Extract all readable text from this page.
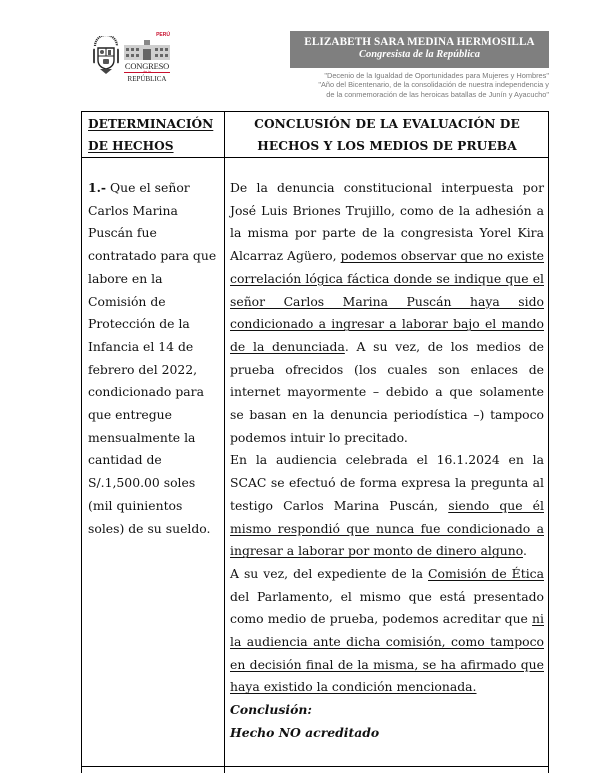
PERÚ
CONGRESO
de la
REPÚBLICA
ELIZABETH SARA MEDINA HERMOSILLA
Congresista de la República
"Decenio de la Igualdad de Oportunidades para Mujeres y Hombres"
"Año del Bicentenario, de la consolidación de nuestra independencia y
de la conmemoración de las heroicas batallas de Junín y Ayacucho"
DETERMINACIÓN
DE HECHOS
CONCLUSIÓN DE LA EVALUACIÓN DE
HECHOS Y LOS MEDIOS DE PRUEBA
1.- Que el señor Carlos Marina Puscán fue contratado para que labore en la Comisión de Protección de la Infancia el 14 de febrero del 2022, condicionado para que entregue mensualmente la cantidad de S/.1,500.00 soles (mil quinientos soles) de su sueldo.

De la denuncia constitucional interpuesta por José Luis Briones Trujillo, como de la adhesión a la misma por parte de la congresista Yorel Kira Alcarraz Agüero, podemos observar que no existe correlación lógica fáctica donde se indique que el señor Carlos Marina Puscán haya sido condicionado a ingresar a laborar bajo el mando de la denunciada. A su vez, de los medios de prueba ofrecidos (los cuales son enlaces de internet mayormente – debido a que solamente se basan en la denuncia periodística –) tampoco podemos intuir lo precitado.

En la audiencia celebrada el 16.1.2024 en la SCAC se efectuó de forma expresa la pregunta al testigo Carlos Marina Puscán, siendo que él mismo respondió que nunca fue condicionado a ingresar a laborar por monto de dinero alguno.

A su vez, del expediente de la Comisión de Ética del Parlamento, el mismo que está presentado como medio de prueba, podemos acreditar que ni la audiencia ante dicha comisión, como tampoco en decisión final de la misma, se ha afirmado que haya existido la condición mencionada.

Conclusión:

Hecho NO acreditado
